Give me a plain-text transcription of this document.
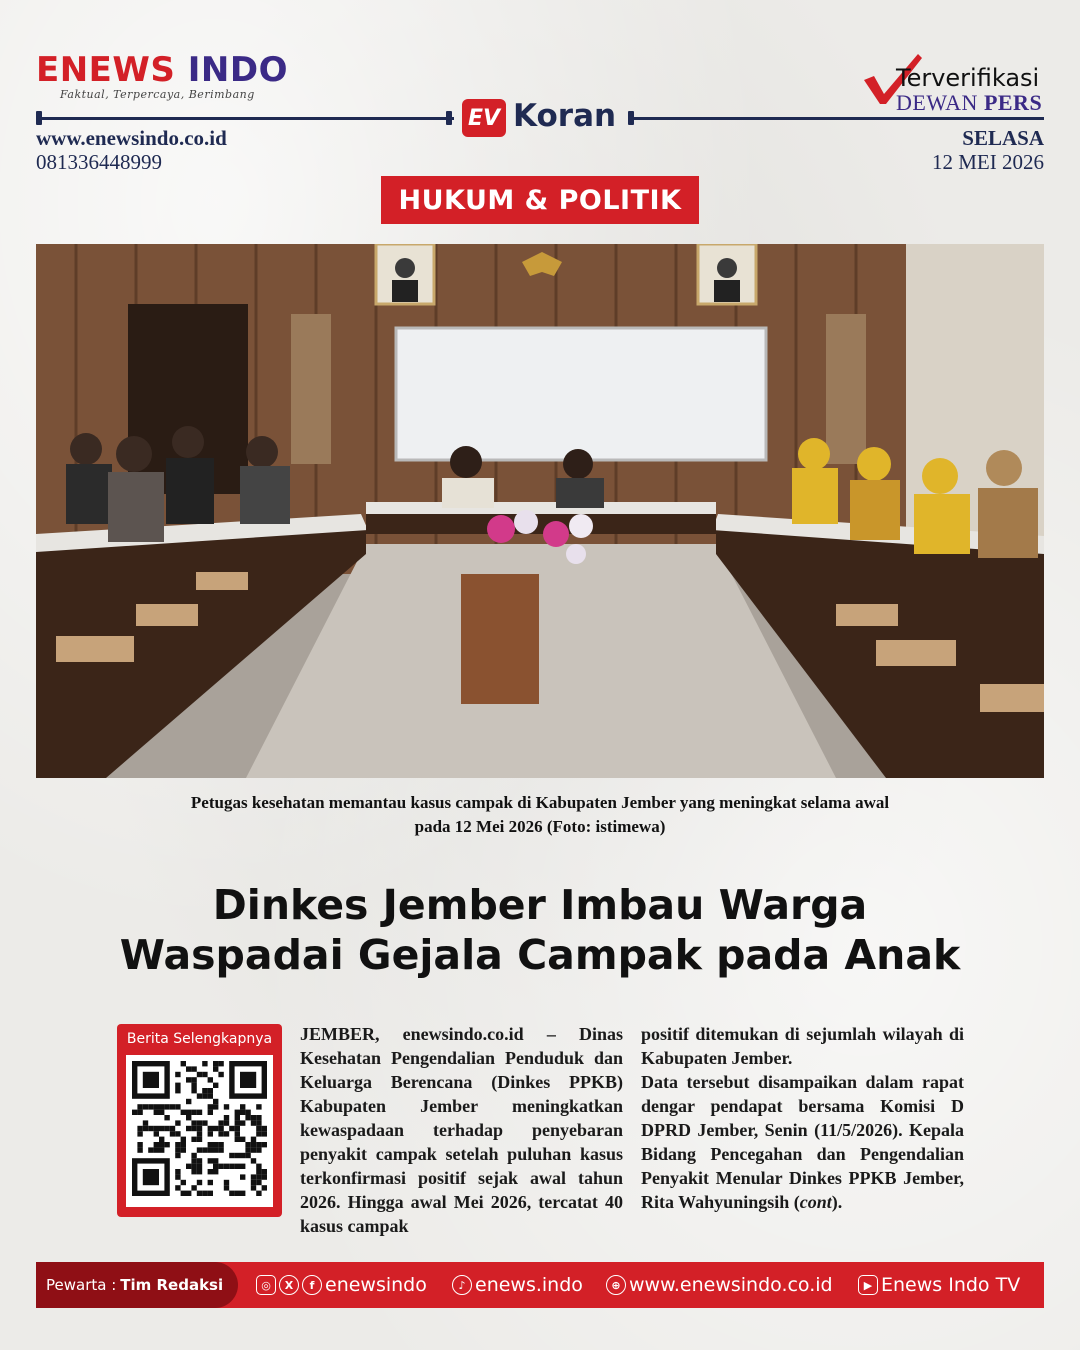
ENEWS INDO
Faktual, Terpercaya, Berimbang
EV Koran
www.enewsindo.co.id
081336448999
Terverifikasi
DEWAN PERS
SELASA
12 MEI 2026
HUKUM & POLITIK
Petugas kesehatan memantau kasus campak di Kabupaten Jember yang meningkat selama awal
pada 12 Mei 2026 (Foto: istimewa)
Dinkes Jember Imbau Warga
Waspadai Gejala Campak pada Anak
Berita Selengkapnya	JEMBER, enewsindo.co.id – Dinas Kesehatan Pengendalian Penduduk dan Keluarga Berencana (Dinkes PPKB) Kabupaten Jember meningkatkan kewaspadaan terhadap penyebaran penyakit campak setelah puluhan kasus terkonfirmasi positif sejak awal tahun 2026. Hingga awal Mei 2026, tercatat 40 kasus campak
positif ditemukan di sejumlah wilayah di Kabupaten Jember.
Data tersebut disampaikan dalam rapat dengar pendapat bersama Komisi D DPRD Jember, Senin (11/5/2026). Kepala Bidang Pencegahan dan Pengendalian Penyakit Menular Dinkes PPKB Jember, Rita Wahyuningsih (cont).
Pewarta : Tim Redaksi	◎	X	f enewsindo	♪ enews.indo	⊕ www.enewsindo.co.id	▶ Enews Indo TV
